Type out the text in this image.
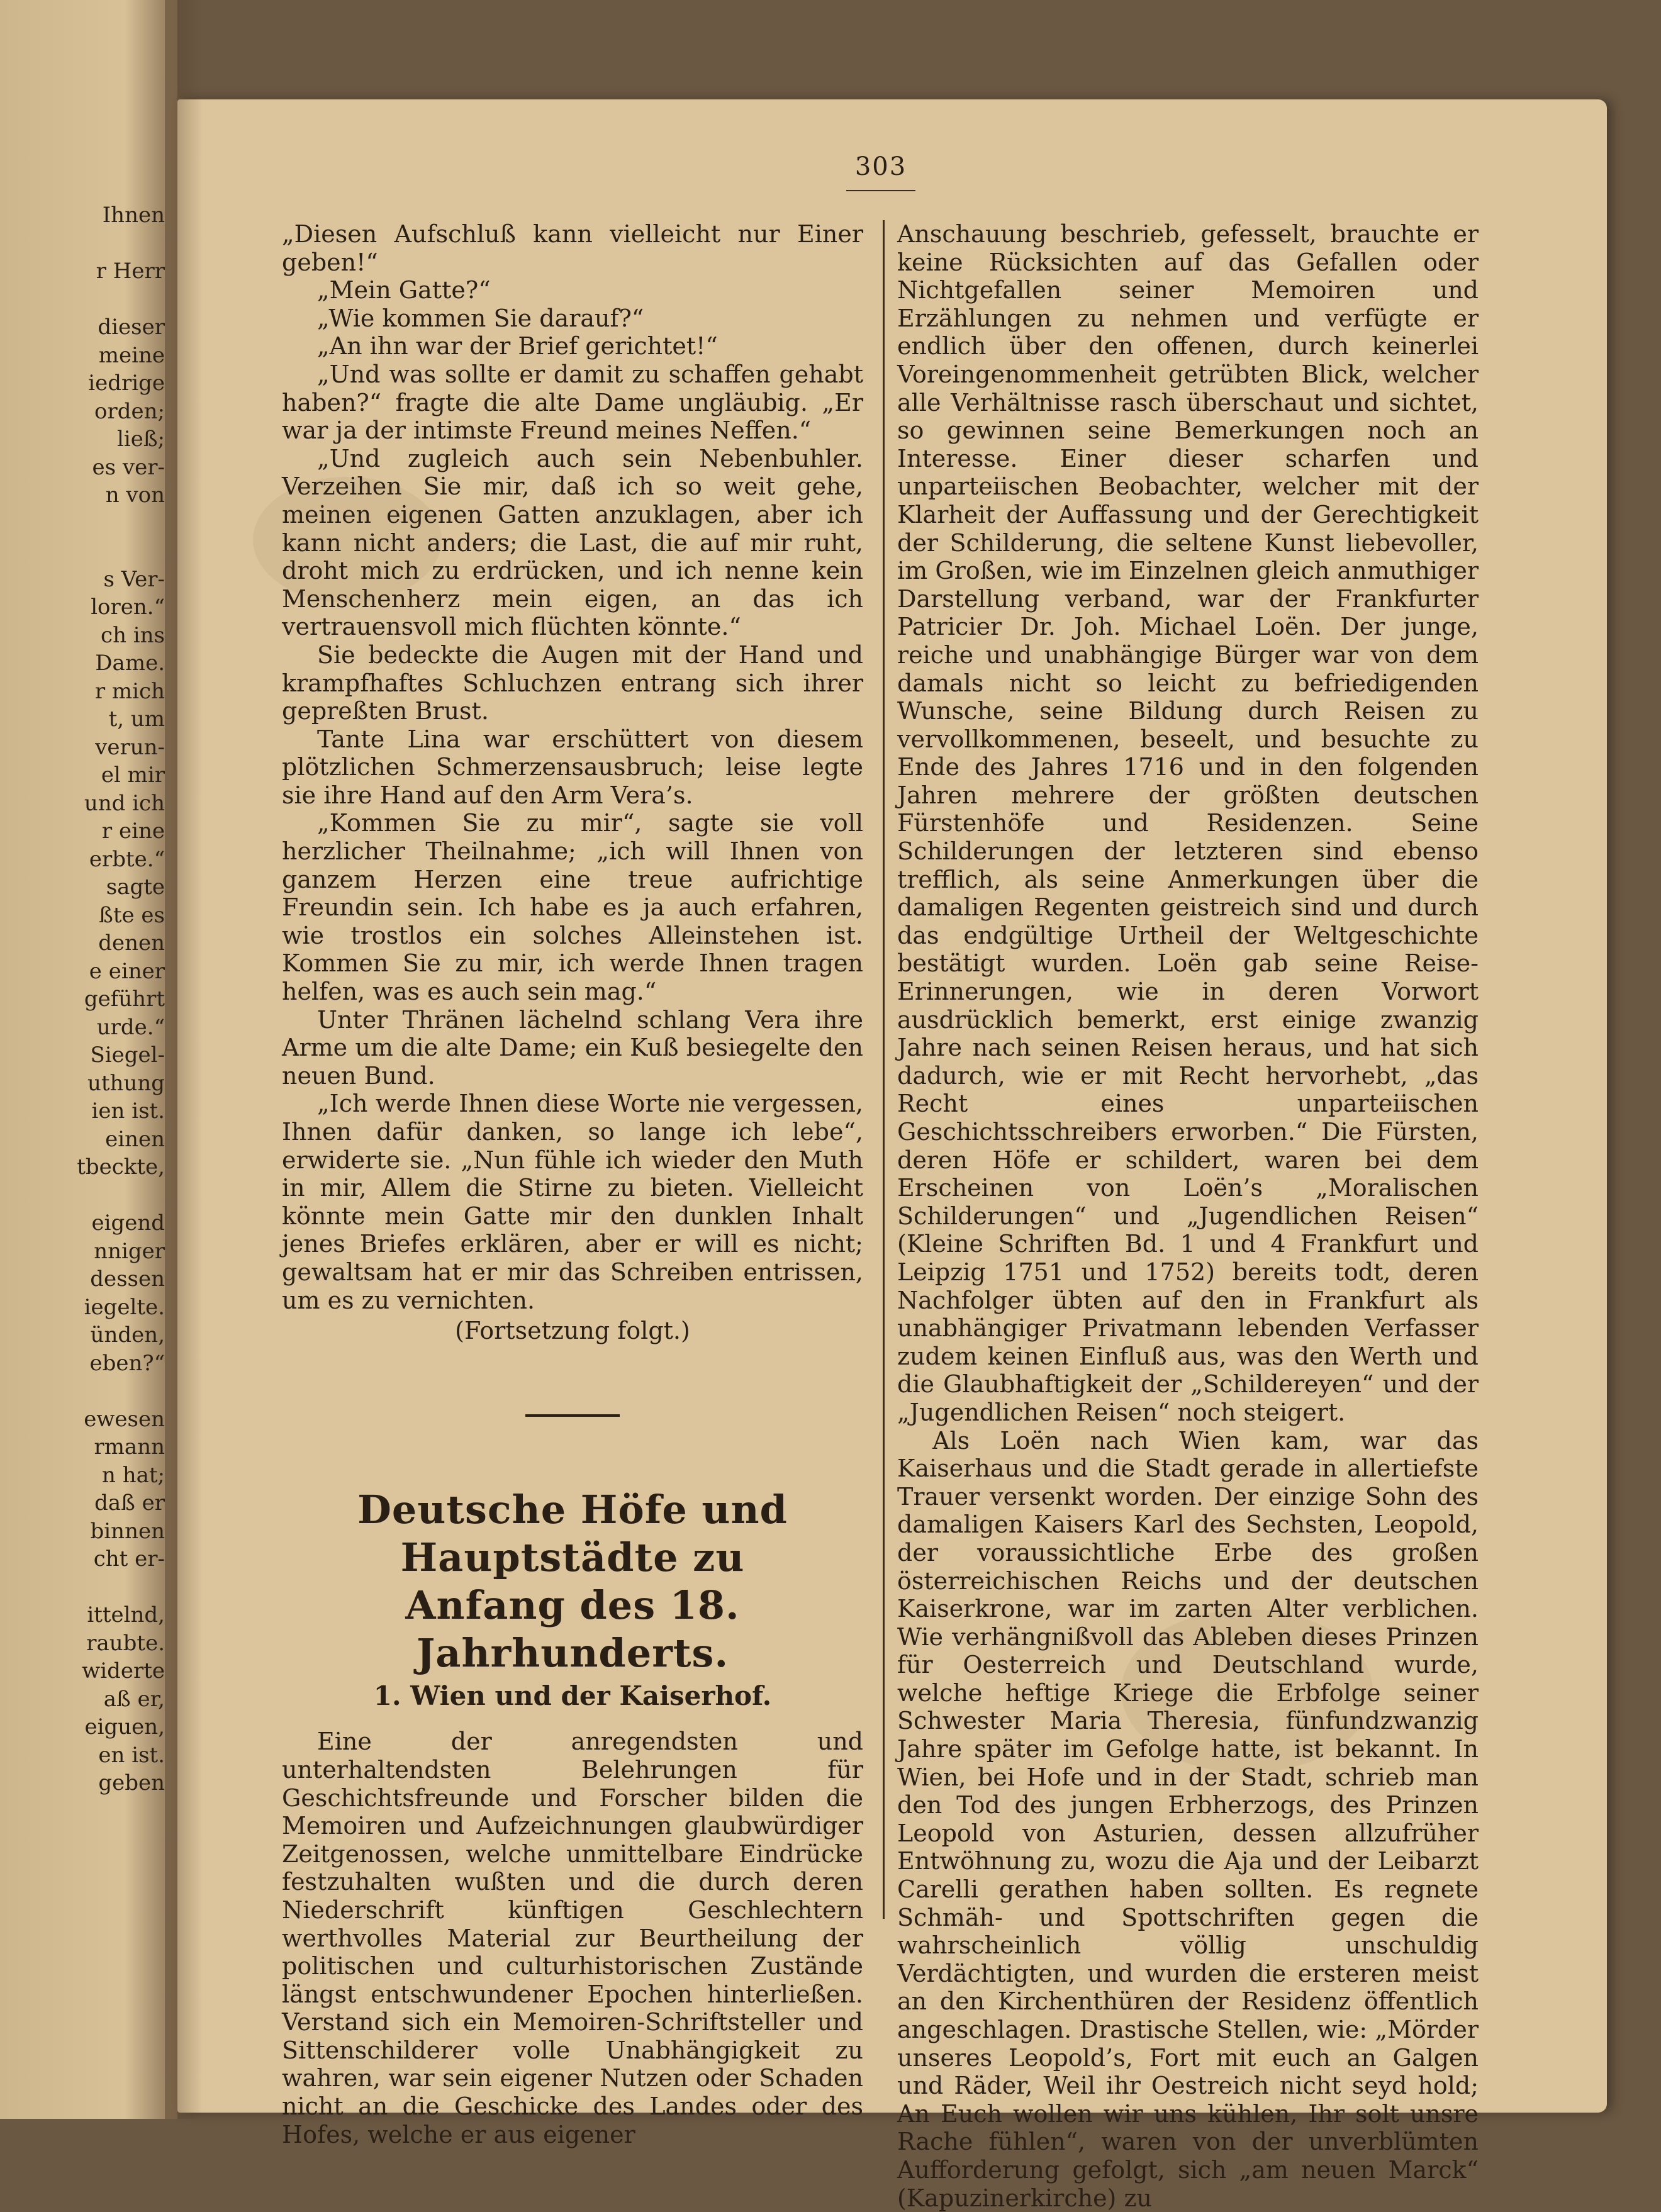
Ihnen
r Herr
dieser
meine
iedrige
orden;
ließ;
es ver-
n von
s Ver-
loren.“
ch ins
Dame.
r mich
t, um
verun-
el mir
und ich
r eine
erbte.“
sagte
ßte es
denen
e einer
geführt
urde.“
Siegel-
uthung
ien ist.
einen
tbeckte,
eigend
nniger
dessen
iegelte.
ünden,
eben?“
ewesen
rmann
n hat;
daß er
binnen
cht er-
ittelnd,
raubte.
widerte
aß er,
eiguen,
en ist.
geben
303

„Diesen Aufschluß kann vielleicht nur Einer geben!“

„Mein Gatte?“

„Wie kommen Sie darauf?“

„An ihn war der Brief gerichtet!“

„Und was sollte er damit zu schaffen gehabt haben?“ fragte die alte Dame ungläubig. „Er war ja der intimste Freund meines Neffen.“

„Und zugleich auch sein Nebenbuhler. Verzeihen Sie mir, daß ich so weit gehe, meinen eigenen Gatten anzuklagen, aber ich kann nicht anders; die Last, die auf mir ruht, droht mich zu erdrücken, und ich nenne kein Menschenherz mein eigen, an das ich vertrauensvoll mich flüchten könnte.“

Sie bedeckte die Augen mit der Hand und krampfhaftes Schluchzen entrang sich ihrer gepreßten Brust.

Tante Lina war erschüttert von diesem plötzlichen Schmerzensausbruch; leise legte sie ihre Hand auf den Arm Vera’s.

„Kommen Sie zu mir“, sagte sie voll herzlicher Theilnahme; „ich will Ihnen von ganzem Herzen eine treue aufrichtige Freundin sein. Ich habe es ja auch erfahren, wie trostlos ein solches Alleinstehen ist. Kommen Sie zu mir, ich werde Ihnen tragen helfen, was es auch sein mag.“

Unter Thränen lächelnd schlang Vera ihre Arme um die alte Dame; ein Kuß besiegelte den neuen Bund.

„Ich werde Ihnen diese Worte nie vergessen, Ihnen dafür danken, so lange ich lebe“, erwiderte sie. „Nun fühle ich wieder den Muth in mir, Allem die Stirne zu bieten. Vielleicht könnte mein Gatte mir den dunklen Inhalt jenes Briefes erklären, aber er will es nicht; gewaltsam hat er mir das Schreiben entrissen, um es zu vernichten.

(Fortsetzung folgt.)

Deutsche Höfe und Hauptstädte zu
Anfang des 18. Jahrhunderts.
1. Wien und der Kaiserhof.

Eine der anregendsten und unterhaltendsten Belehrungen für Geschichtsfreunde und Forscher bilden die Memoiren und Aufzeichnungen glaubwürdiger Zeitgenossen, welche unmittelbare Eindrücke festzuhalten wußten und die durch deren Niederschrift künftigen Geschlechtern werthvolles Material zur Beurtheilung der politischen und culturhistorischen Zustände längst entschwundener Epochen hinterließen. Verstand sich ein Memoiren-Schriftsteller und Sittenschilderer volle Unabhängigkeit zu wahren, war sein eigener Nutzen oder Schaden nicht an die Geschicke des Landes oder des Hofes, welche er aus eigener

Anschauung beschrieb, gefesselt, brauchte er keine Rücksichten auf das Gefallen oder Nichtgefallen seiner Memoiren und Erzählungen zu nehmen und verfügte er endlich über den offenen, durch keinerlei Voreingenommenheit getrübten Blick, welcher alle Verhältnisse rasch überschaut und sichtet, so gewinnen seine Bemerkungen noch an Interesse. Einer dieser scharfen und unparteiischen Beobachter, welcher mit der Klarheit der Auffassung und der Gerechtigkeit der Schilderung, die seltene Kunst liebevoller, im Großen, wie im Einzelnen gleich anmuthiger Darstellung verband, war der Frankfurter Patricier Dr. Joh. Michael Loën. Der junge, reiche und unabhängige Bürger war von dem damals nicht so leicht zu befriedigenden Wunsche, seine Bildung durch Reisen zu vervollkommenen, beseelt, und besuchte zu Ende des Jahres 1716 und in den folgenden Jahren mehrere der größten deutschen Fürstenhöfe und Residenzen. Seine Schilderungen der letzteren sind ebenso trefflich, als seine Anmerkungen über die damaligen Regenten geistreich sind und durch das endgültige Urtheil der Weltgeschichte bestätigt wurden. Loën gab seine Reise-Erinnerungen, wie in deren Vorwort ausdrücklich bemerkt, erst einige zwanzig Jahre nach seinen Reisen heraus, und hat sich dadurch, wie er mit Recht hervorhebt, „das Recht eines unparteiischen Geschichtsschreibers erworben.“ Die Fürsten, deren Höfe er schildert, waren bei dem Erscheinen von Loën’s „Moralischen Schilderungen“ und „Jugendlichen Reisen“ (Kleine Schriften Bd. 1 und 4 Frankfurt und Leipzig 1751 und 1752) bereits todt, deren Nachfolger übten auf den in Frankfurt als unabhängiger Privatmann lebenden Verfasser zudem keinen Einfluß aus, was den Werth und die Glaubhaftigkeit der „Schildereyen“ und der „Jugendlichen Reisen“ noch steigert.

Als Loën nach Wien kam, war das Kaiserhaus und die Stadt gerade in allertiefste Trauer versenkt worden. Der einzige Sohn des damaligen Kaisers Karl des Sechsten, Leopold, der voraussichtliche Erbe des großen österreichischen Reichs und der deutschen Kaiserkrone, war im zarten Alter verblichen. Wie verhängnißvoll das Ableben dieses Prinzen für Oesterreich und Deutschland wurde, welche heftige Kriege die Erbfolge seiner Schwester Maria Theresia, fünfundzwanzig Jahre später im Gefolge hatte, ist bekannt. In Wien, bei Hofe und in der Stadt, schrieb man den Tod des jungen Erbherzogs, des Prinzen Leopold von Asturien, dessen allzufrüher Entwöhnung zu, wozu die Aja und der Leibarzt Carelli gerathen haben sollten. Es regnete Schmäh- und Spottschriften gegen die wahrscheinlich völlig unschuldig Verdächtigten, und wurden die ersteren meist an den Kirchenthüren der Residenz öffentlich angeschlagen. Drastische Stellen, wie: „Mörder unseres Leopold’s, Fort mit euch an Galgen und Räder, Weil ihr Oestreich nicht seyd hold; An Euch wollen wir uns kühlen, Ihr solt unsre Rache fühlen“, waren von der unverblümten Aufforderung gefolgt, sich „am neuen Marck“ (Kapuzinerkirche) zu
